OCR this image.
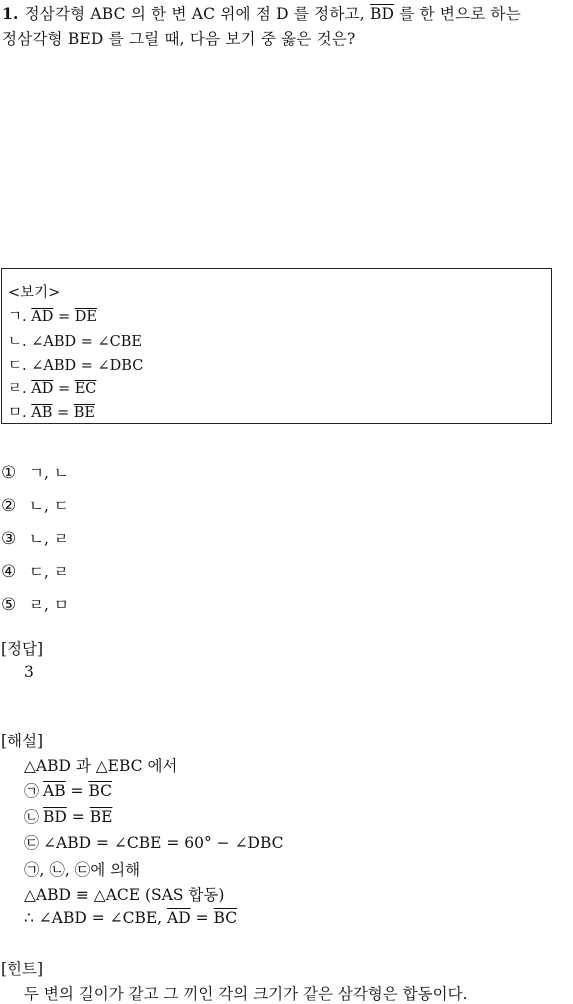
1. 정삼각형 ABC 의 한 변 AC 위에 점 D 를 정하고, $\overline{BD}$ 를 한 변으로 하는
정삼각형 BED 를 그릴 때, 다음 보기 중 옳은 것은?
<보기>
ㄱ. $\overline{AD} = \overline{DE}$
ㄴ. ∠ABD = ∠CBE
ㄷ. ∠ABD = ∠DBC
ㄹ. $\overline{AD} = \overline{EC}$
ㅁ. $\overline{AB} = \overline{BE}$
① ㄱ, ㄴ
② ㄴ, ㄷ
③ ㄴ, ㄹ
④ ㄷ, ㄹ
⑤ ㄹ, ㅁ
[정답]
3
[해설]
△ABD 과 △EBC 에서
㉠ $\overline{AB} = \overline{BC}$
㉡ $\overline{BD} = \overline{BE}$
㉢ ∠ABD = ∠CBE = 60° − ∠DBC
㉠, ㉡, ㉢에 의해
△ABD ≡ △ACE (SAS 합동)
∴ ∠ABD = ∠CBE, $\overline{AD} = \overline{BC}$
[힌트]
두 변의 길이가 같고 그 끼인 각의 크기가 같은 삼각형은 합동이다.
